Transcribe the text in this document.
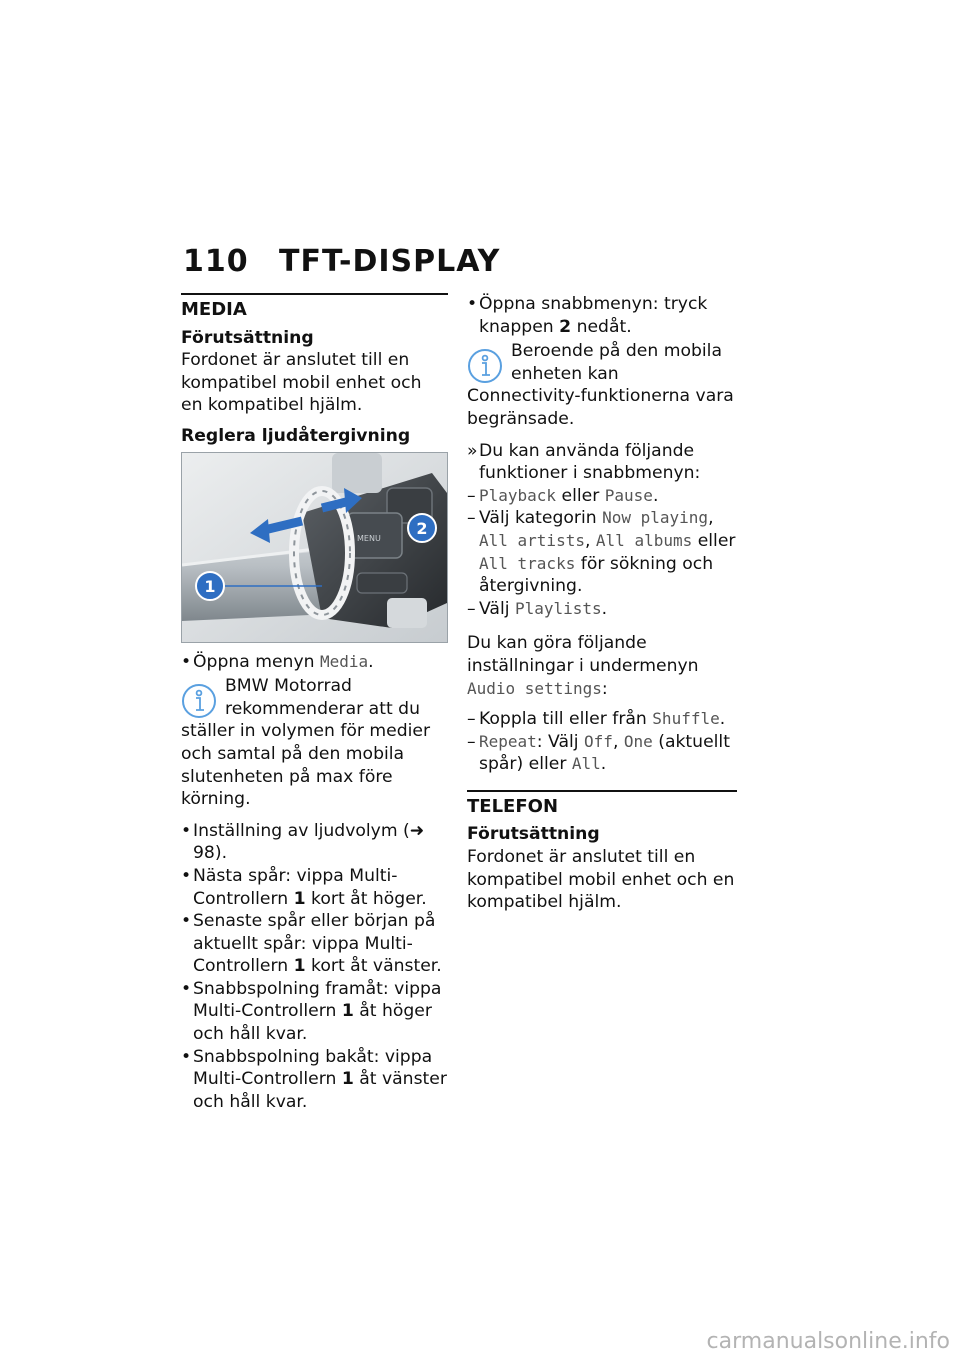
110 TFT-DISPLAY
MEDIA
Förutsättning

Fordonet är anslutet till en kompatibel mobil enhet och en kompatibel hjälm.

Reglera ljudåtergivning
MENU
1
2

• Öppna menyn Media.

BMW Motorrad rekommenderar att du ställer in volymen för medier och samtal på den mobila slutenheten på max före körning.

• Inställning av ljudvolym (➜ 98).

• Nästa spår: vippa Multi-Controllern 1 kort åt höger.

• Senaste spår eller början på aktuellt spår: vippa Multi-Controllern 1 kort åt vänster.

• Snabbspolning framåt: vippa Multi-Controllern 1 åt höger och håll kvar.

• Snabbspolning bakåt: vippa Multi-Controllern 1 åt vänster och håll kvar.

• Öppna snabbmenyn: tryck knappen 2 nedåt.

Beroende på den mobila enheten kan Connectivity-funktionerna vara begränsade.

» Du kan använda följande funktioner i snabbmenyn:

– Playback eller Pause.

– Välj kategorin Now playing, All artists, All albums eller All tracks för sökning och återgivning.

– Välj Playlists.

Du kan göra följande inställningar i undermenyn Audio settings:

– Koppla till eller från Shuffle.

– Repeat: Välj Off, One (aktuellt spår) eller All.

TELEFON
Förutsättning

Fordonet är anslutet till en kompatibel mobil enhet och en kompatibel hjälm.

carmanualsonline.info
